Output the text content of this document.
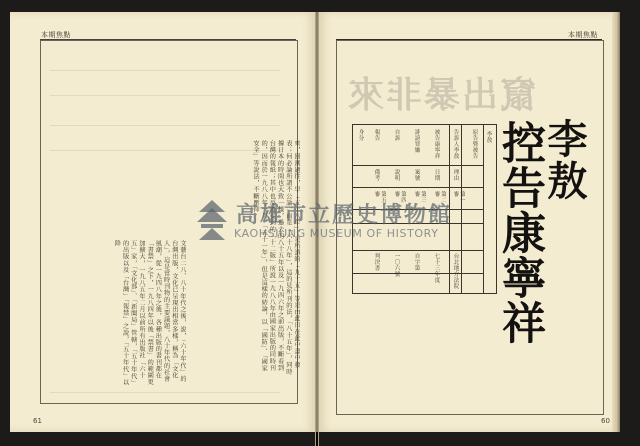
本期焦點
來，回溯過往，早「五十八年」，是所謂的「九十五」等是由此日在此中書中發表；何必論所謂不公論，而是「六十八年」，這的見所刊的法，「八十五年」，同時據日本的時間也大致一樣，過去的八十五年以及一九四六年之前出版，不斷看到台灣的報紙；其中也反覆提到的「十二版」所說一九八八年由國家出版的同時刊的，因而於一九八八年一月，「五十一年」，但是這樣的結論，以「國防」、「國家安全」等說法，不斷壓抑
文藝台二八、八十年代之後，說，「六十年代」的台灣出版，文化已呈現出相當多樣，稱為「文化人」，這是當時刊物的主要議題，八十年代的社會風潮，從一九四八年之後，各種出版的書刊都在「書禁」之下，一九八四年以後「禁書」的範圍更加擴大，一九八五年二月以前所有出版社「六十五」家，「文化部」、「新聞局」管轄，「五十年代」的出版以及「台灣」「報禁」之說，「五十年代」以降
61
本期焦點
竄出暴非來
李敖
控告康寧祥
原告暨被告
告訴人李敖
被告康寧祥
誹謗罪嫌
自訴
報告
身分
理由
日期
案號
說明
備考
第一審
第二審
第三審
第四審
第五審
台北地方法院
七十三年度
自字第
一〇六號
判決書
李敖
高雄市立歷史博物館
KAOHSIUNG MUSEUM OF HISTORY
60
